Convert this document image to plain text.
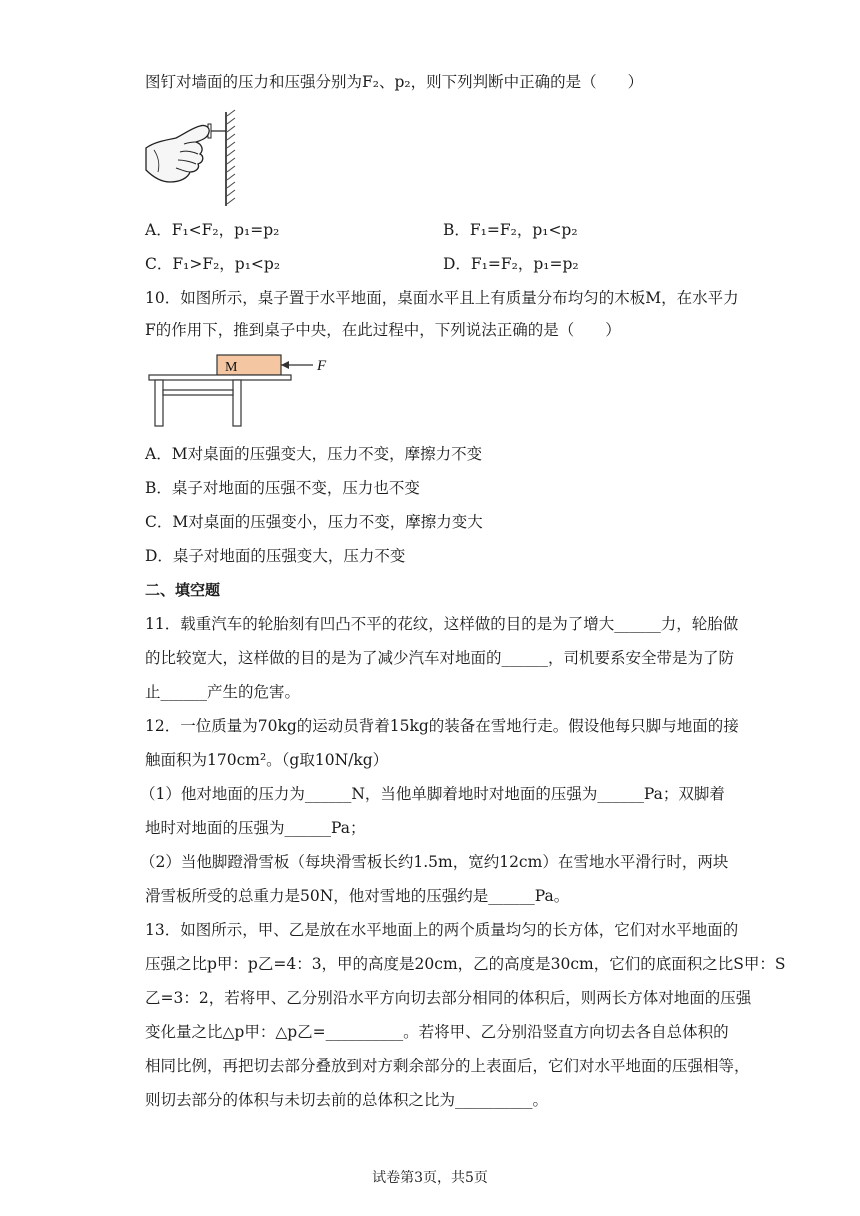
图钉对墙面的压力和压强分别为F₂、p₂，则下列判断中正确的是（　　）
A．F₁<F₂，p₁=p₂	B．F₁=F₂，p₁<p₂
C．F₁>F₂，p₁<p₂	D．F₁=F₂，p₁=p₂
10．如图所示，桌子置于水平地面，桌面水平且上有质量分布均匀的木板M，在水平力
F的作用下，推到桌子中央，在此过程中，下列说法正确的是（　　）
M	F
A．M对桌面的压强变大，压力不变，摩擦力不变
B．桌子对地面的压强不变，压力也不变
C．M对桌面的压强变小，压力不变，摩擦力变大
D．桌子对地面的压强变大，压力不变
二、填空题
11．载重汽车的轮胎刻有凹凸不平的花纹，这样做的目的是为了增大______力，轮胎做
的比较宽大，这样做的目的是为了减少汽车对地面的______，司机要系安全带是为了防
止______产生的危害。
12．一位质量为70kg的运动员背着15kg的装备在雪地行走。假设他每只脚与地面的接
触面积为170cm²。（g取10N/kg）
（1）他对地面的压力为______N，当他单脚着地时对地面的压强为______Pa；双脚着
地时对地面的压强为______Pa；
（2）当他脚蹬滑雪板（每块滑雪板长约1.5m，宽约12cm）在雪地水平滑行时，两块
滑雪板所受的总重力是50N，他对雪地的压强约是______Pa。
13．如图所示，甲、乙是放在水平地面上的两个质量均匀的长方体，它们对水平地面的
压强之比p甲：p乙=4：3，甲的高度是20cm，乙的高度是30cm，它们的底面积之比S甲：S
乙=3：2，若将甲、乙分别沿水平方向切去部分相同的体积后，则两长方体对地面的压强
变化量之比△p甲：△p乙=__________。若将甲、乙分别沿竖直方向切去各自总体积的
相同比例，再把切去部分叠放到对方剩余部分的上表面后，它们对水平地面的压强相等，
则切去部分的体积与未切去前的总体积之比为__________。
试卷第3页，共5页
